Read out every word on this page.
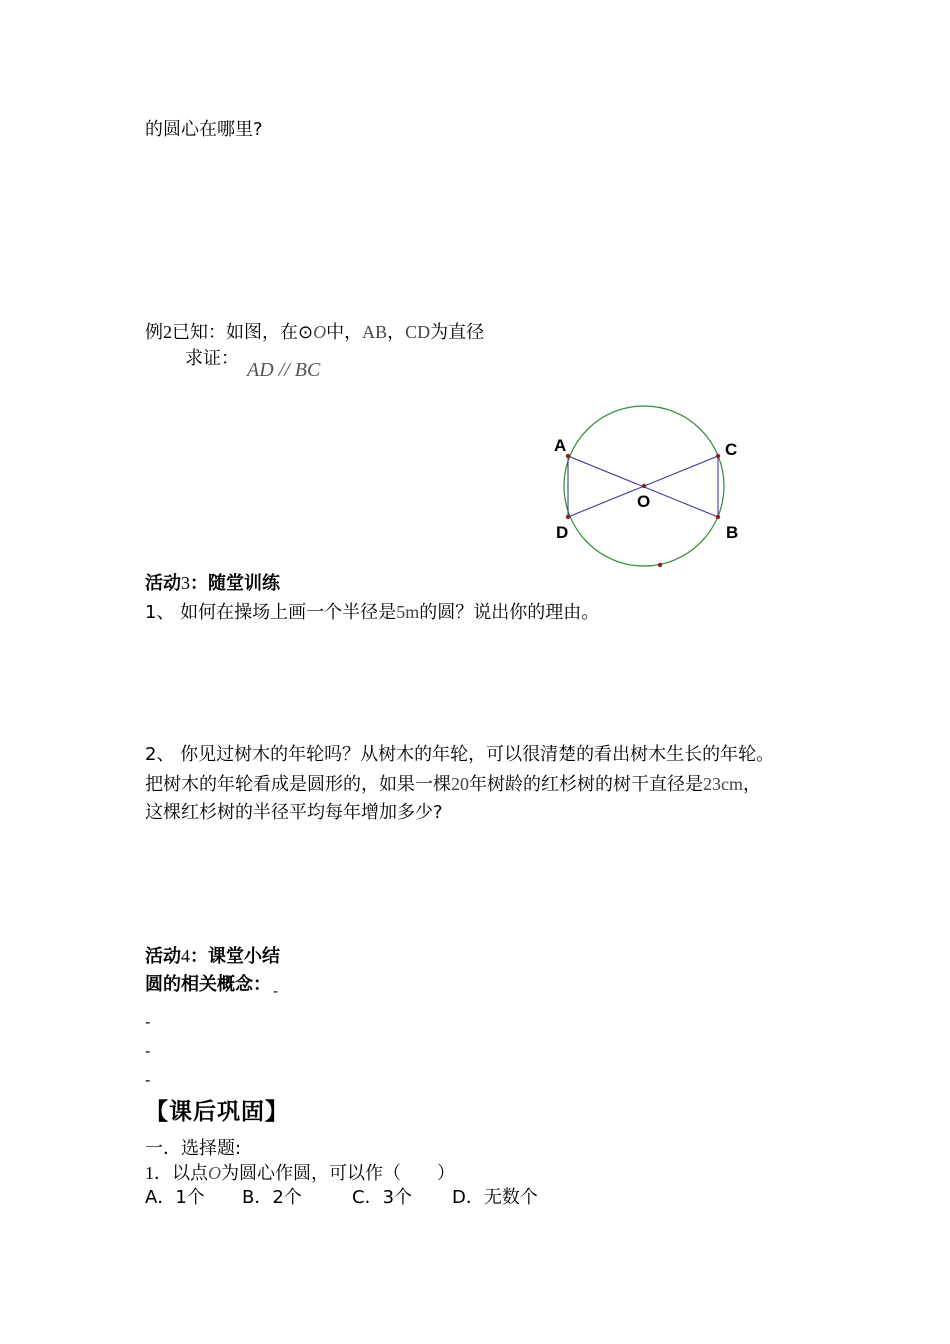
的圆心在哪里?
例2已知：如图，在⊙O中，AB，CD为直径
求证：
AD // BC
A	C
O
D	B
活动3：随堂训练
1、 如何在操场上画一个半径是5m的圆？说出你的理由。
2、 你见过树木的年轮吗？从树木的年轮，可以很清楚的看出树木生长的年轮。
把树木的年轮看成是圆形的，如果一棵20年树龄的红杉树的树干直径是23cm，
这棵红杉树的半径平均每年增加多少?
活动4：课堂小结
圆的相关概念： $_-$
-
-
-
【课后巩固】
一．选择题:
1．以点O为圆心作圆，可以作（　　）
A．1个 B．2个	C．3个 D．无数个
